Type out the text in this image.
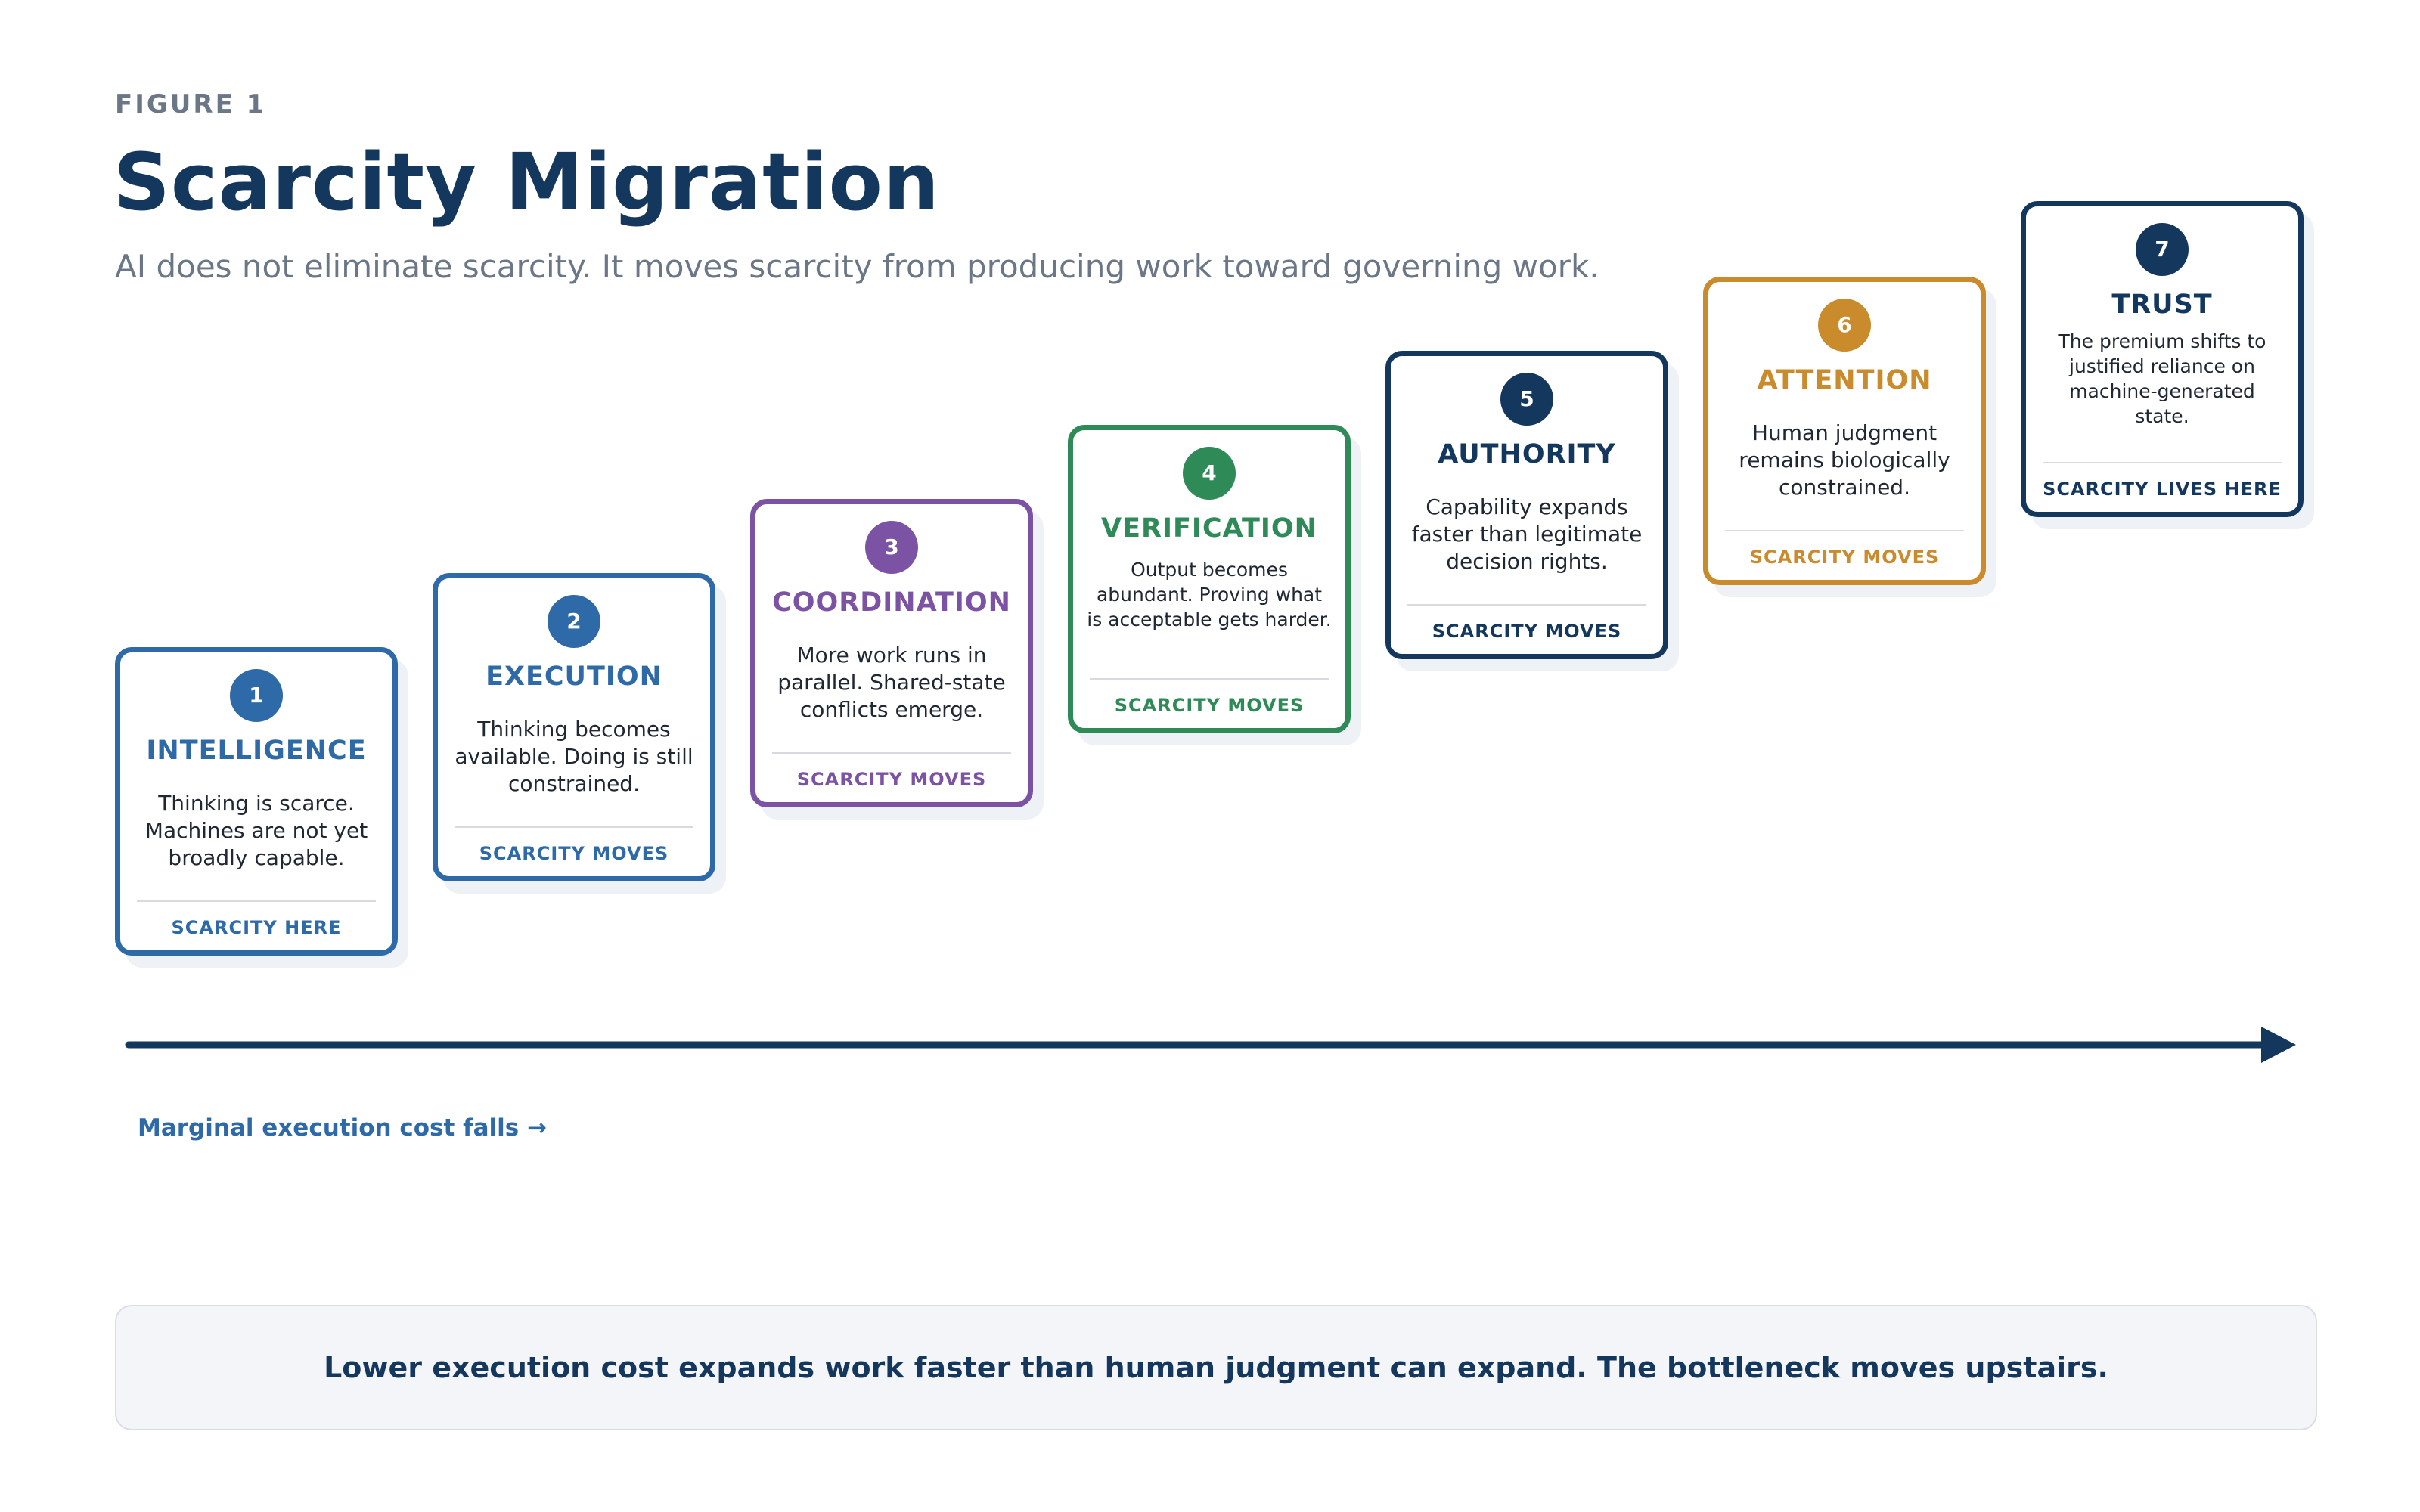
FIGURE 1
Scarcity Migration
AI does not eliminate scarcity. It moves scarcity from producing work toward governing work.
1
INTELLIGENCE
Thinking is scarce. Machines are not yet broadly capable.
SCARCITY HERE
2
EXECUTION
Thinking becomes available. Doing is still constrained.
SCARCITY MOVES
3
COORDINATION
More work runs in parallel. Shared-state conflicts emerge.
SCARCITY MOVES
4
VERIFICATION
Output becomes abundant. Proving what is acceptable gets harder.
SCARCITY MOVES
5
AUTHORITY
Capability expands faster than legitimate decision rights.
SCARCITY MOVES
6
ATTENTION
Human judgment remains biologically constrained.
SCARCITY MOVES
7
TRUST
The premium shifts to justified reliance on machine-generated state.
SCARCITY LIVES HERE
Marginal execution cost falls →
Lower execution cost expands work faster than human judgment can expand. The bottleneck moves upstairs.
